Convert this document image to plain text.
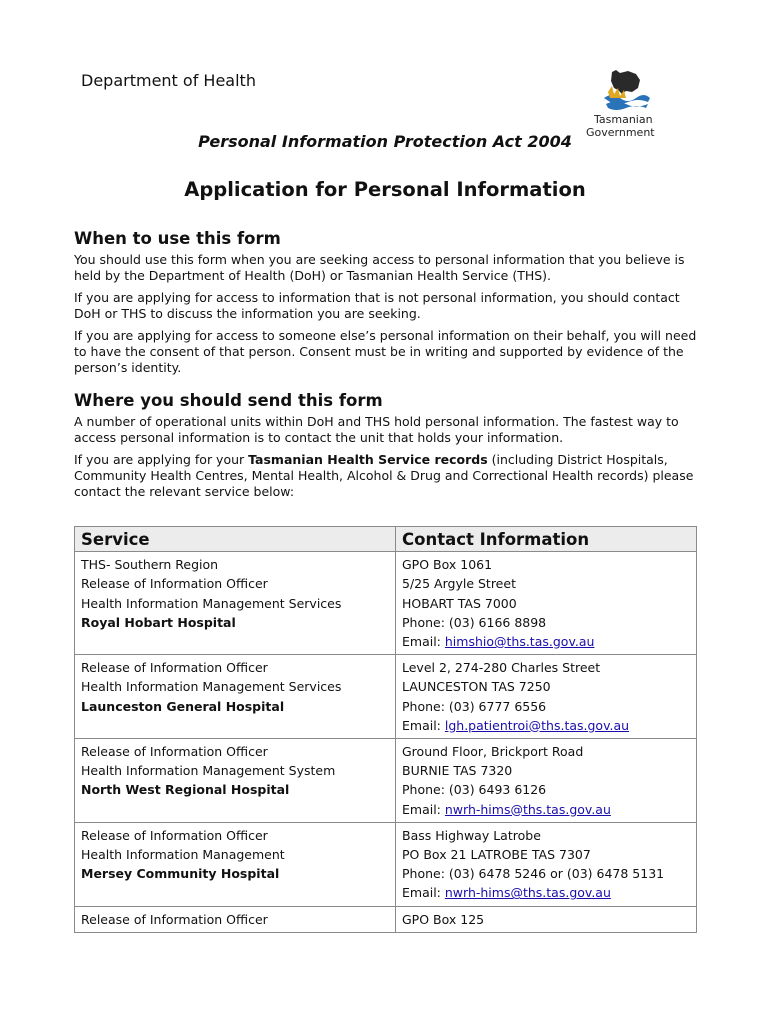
Department of Health
Tasmanian
Government
Personal Information Protection Act 2004
Application for Personal Information
When to use this form

You should use this form when you are seeking access to personal information that you believe is held by the Department of Health (DoH) or Tasmanian Health Service (THS).

If you are applying for access to information that is not personal information, you should contact DoH or THS to discuss the information you are seeking.

If you are applying for access to someone else’s personal information on their behalf, you will need to have the consent of that person. Consent must be in writing and supported by evidence of the person’s identity.

Where you should send this form

A number of operational units within DoH and THS hold personal information. The fastest way to access personal information is to contact the unit that holds your information.

If you are applying for your Tasmanian Health Service records (including District Hospitals, Community Health Centres, Mental Health, Alcohol & Drug and Correctional Health records) please contact the relevant service below:

Service	Contact Information

THS- Southern Region
Release of Information Officer
Health Information Management Services
Royal Hobart Hospital	GPO Box 1061
5/25 Argyle Street
HOBART TAS 7000
Phone: (03) 6166 8898
Email: himshio@ths.tas.gov.au

Release of Information Officer
Health Information Management Services
Launceston General Hospital	Level 2, 274-280 Charles Street
LAUNCESTON TAS 7250
Phone: (03) 6777 6556
Email: lgh.patientroi@ths.tas.gov.au

Release of Information Officer
Health Information Management System
North West Regional Hospital	Ground Floor, Brickport Road
BURNIE TAS 7320
Phone: (03) 6493 6126
Email: nwrh-hims@ths.tas.gov.au

Release of Information Officer
Health Information Management
Mersey Community Hospital	Bass Highway Latrobe
PO Box 21 LATROBE TAS 7307
Phone: (03) 6478 5246 or (03) 6478 5131
Email: nwrh-hims@ths.tas.gov.au

Release of Information Officer	GPO Box 125
